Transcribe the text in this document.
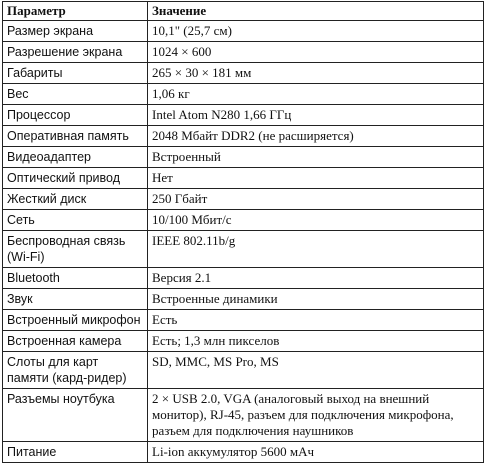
Параметр	Значение
Размер экрана	10,1" (25,7 см)
Разрешение экрана	1024 × 600
Габариты	265 × 30 × 181 мм
Вес	1,06 кг
Процессор	Intel Atom N280 1,66 ГГц
Оперативная память	2048 Мбайт DDR2 (не расширяется)
Видеоадаптер	Встроенный
Оптический привод	Нет
Жесткий диск	250 Гбайт
Сеть	10/100 Мбит/с
Беспроводная связь (Wi-Fi)	IEEE 802.11b/g
Bluetooth	Версия 2.1
Звук	Встроенные динамики
Встроенный микрофон	Есть
Встроенная камера	Есть; 1,3 млн пикселов
Слоты для карт памяти (кард-ридер)	SD, MMC, MS Pro, MS
Разъемы ноутбука	2 × USB 2.0, VGA (аналоговый выход на внешний монитор), RJ-45, разъем для подключения микрофона, разъем для подключения наушников
Питание	Li-ion аккумулятор 5600 мАч
